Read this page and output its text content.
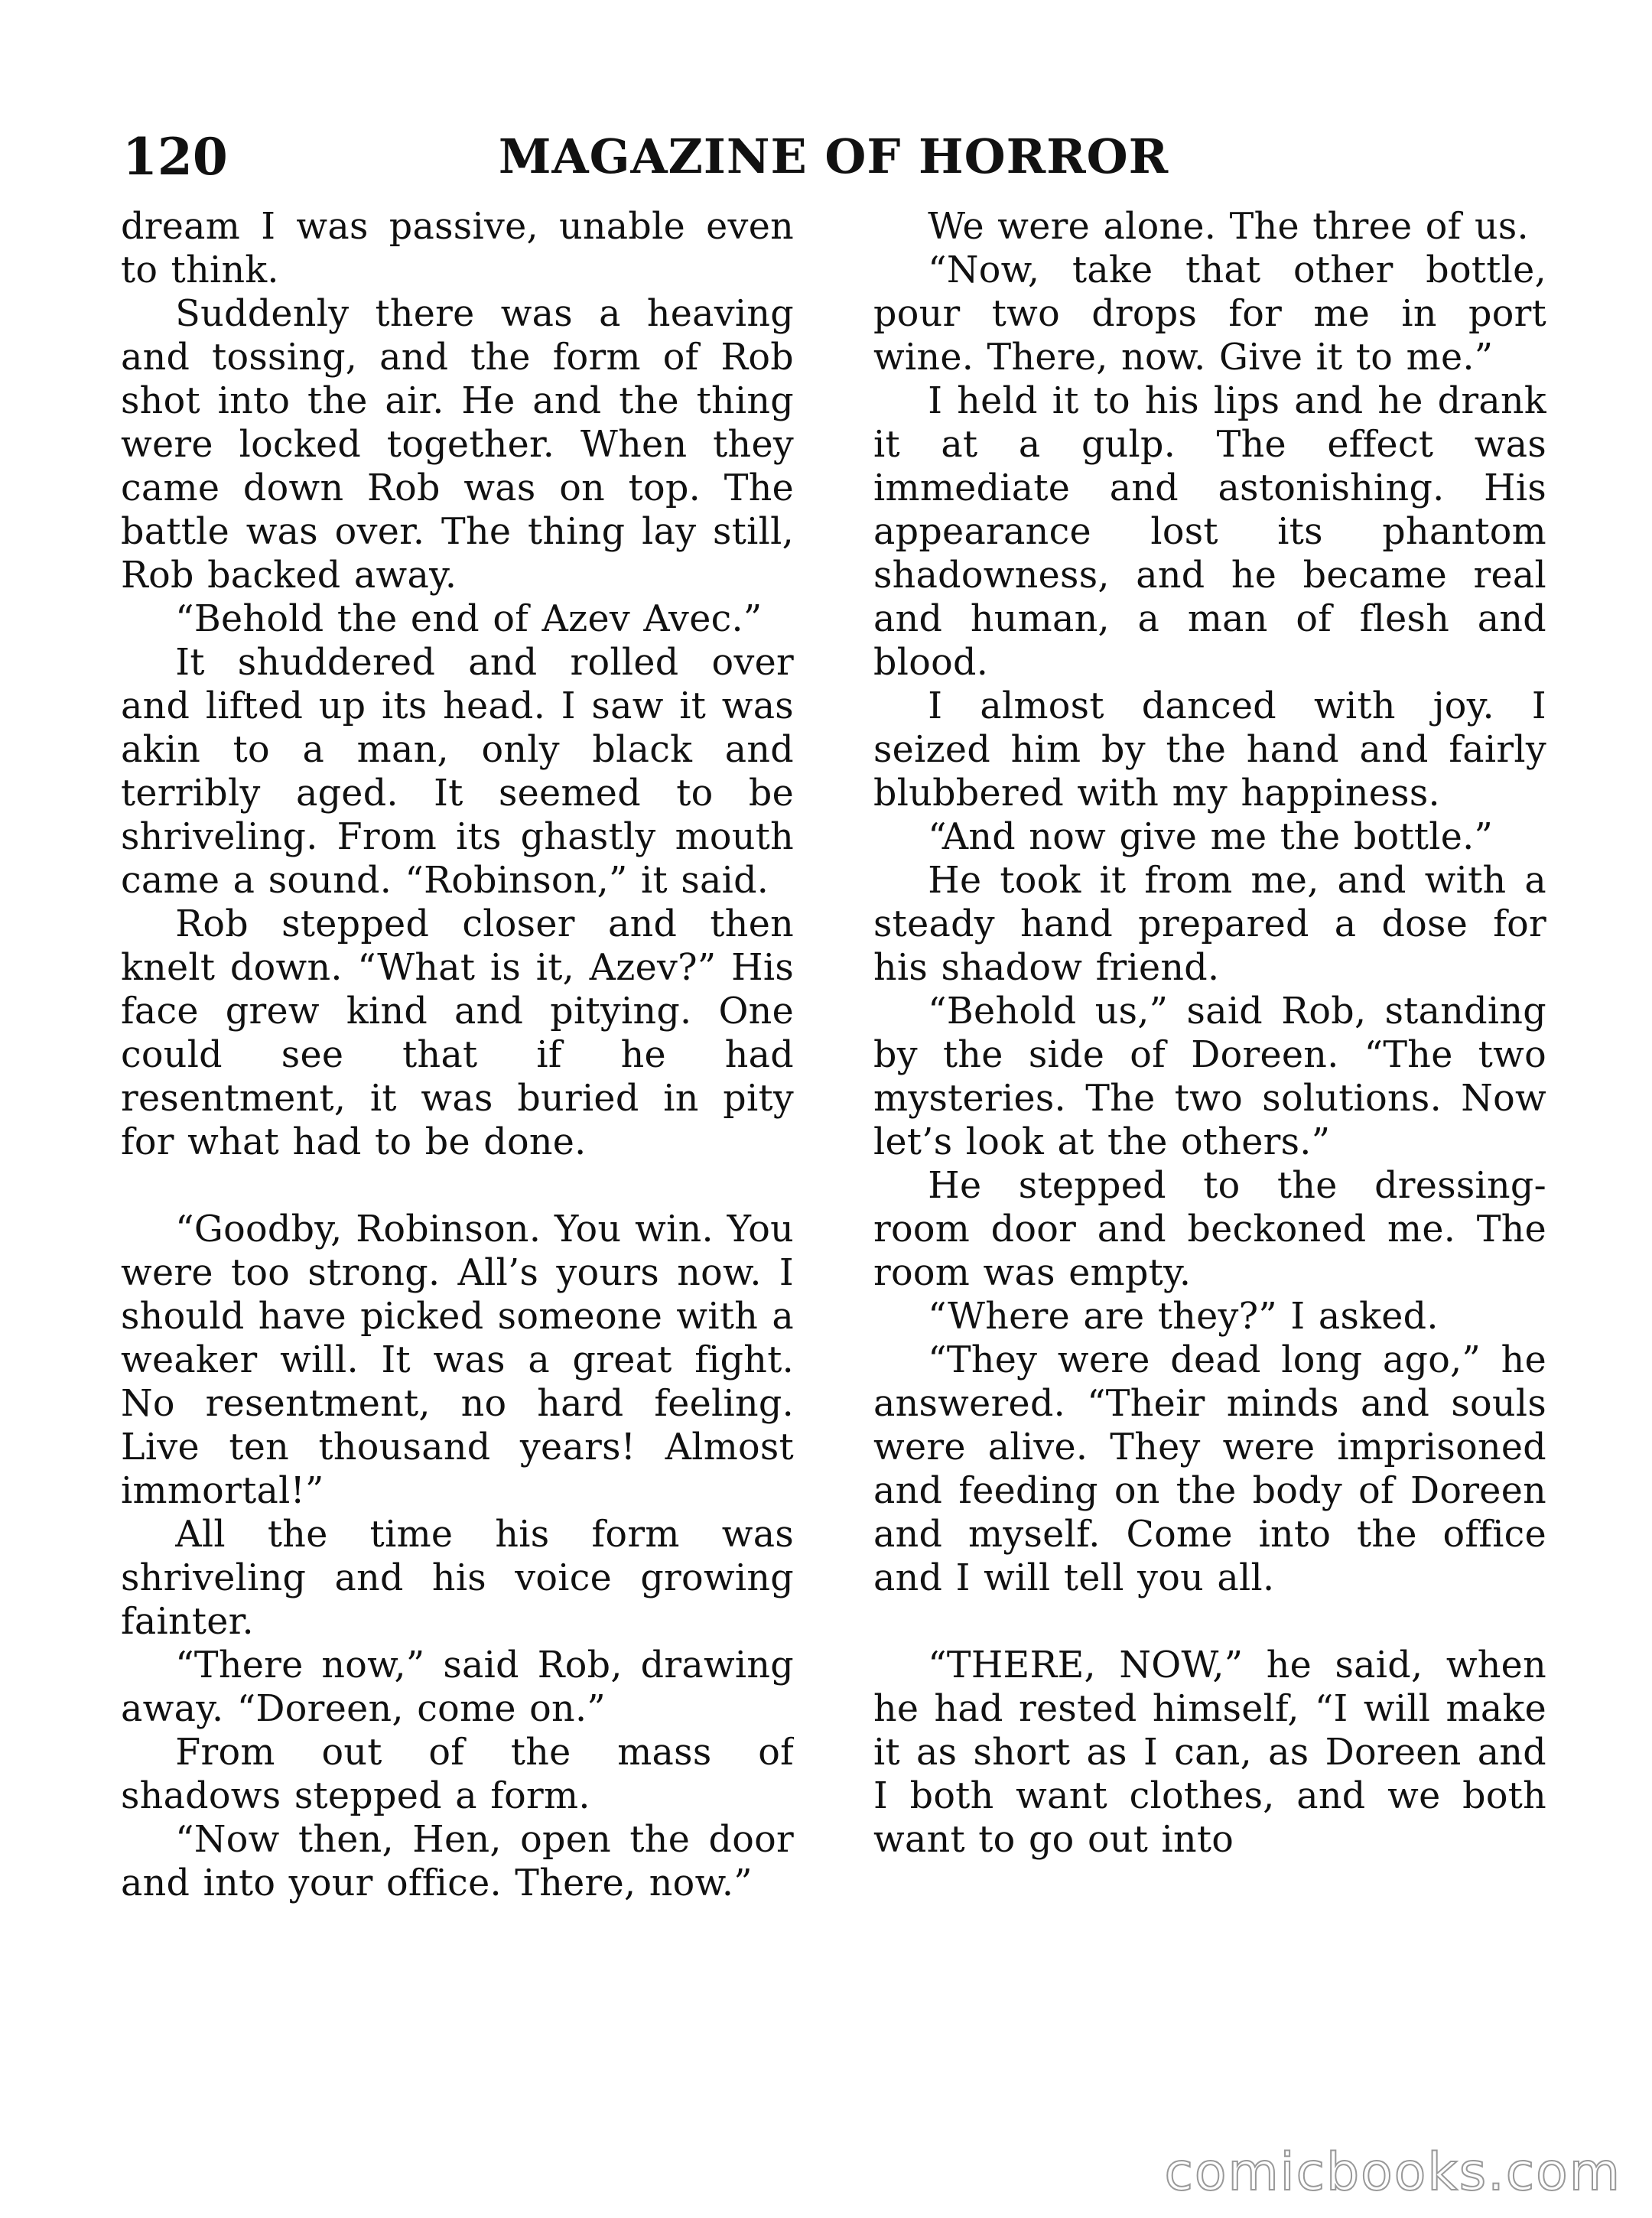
MAGAZINE OF HORROR
120

dream I was passive, unable even to think.

Suddenly there was a heaving and tossing, and the form of Rob shot into the air. He and the thing were locked together. When they came down Rob was on top. The battle was over. The thing lay still, Rob backed away.

“Behold the end of Azev Avec.”

It shuddered and rolled over and lifted up its head. I saw it was akin to a man, only black and terribly aged. It seemed to be shriveling. From its ghastly mouth came a sound. “Robinson,” it said.

Rob stepped closer and then knelt down. “What is it, Azev?” His face grew kind and pitying. One could see that if he had resentment, it was buried in pity for what had to be done.

“Goodby, Robinson. You win. You were too strong. All’s yours now. I should have picked someone with a weaker will. It was a great fight. No resentment, no hard feeling. Live ten thousand years! Almost immortal!”

All the time his form was shriveling and his voice growing fainter.

“There now,” said Rob, drawing away. “Doreen, come on.”

From out of the mass of shadows stepped a form.

“Now then, Hen, open the door and into your office. There, now.”

We were alone. The three of us.

“Now, take that other bottle, pour two drops for me in port wine. There, now. Give it to me.”

I held it to his lips and he drank it at a gulp. The effect was immediate and astonishing. His appearance lost its phantom shadowness, and he became real and human, a man of flesh and blood.

I almost danced with joy. I seized him by the hand and fairly blubbered with my happiness.

“And now give me the bottle.”

He took it from me, and with a steady hand prepared a dose for his shadow friend.

“Behold us,” said Rob, standing by the side of Doreen. “The two mysteries. The two solutions. Now let’s look at the others.”

He stepped to the dressing-room door and beckoned me. The room was empty.

“Where are they?” I asked.

“They were dead long ago,” he answered. “Their minds and souls were alive. They were imprisoned and feeding on the body of Doreen and myself. Come into the office and I will tell you all.

“THERE, NOW,” he said, when he had rested himself, “I will make it as short as I can, as Doreen and I both want clothes, and we both want to go out into

comicbooks.com
